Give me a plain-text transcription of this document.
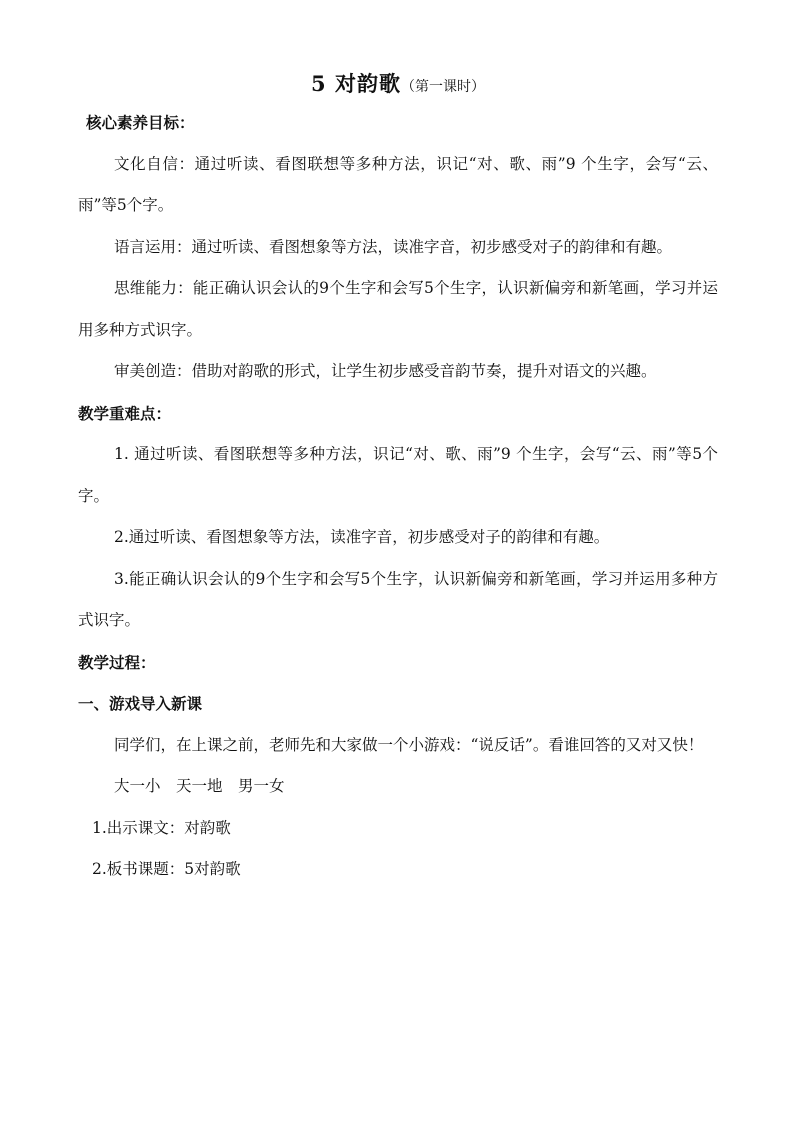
5 对韵歌（第一课时）
核心素养目标：

文化自信：通过听读、看图联想等多种方法，识记“对、歌、雨”9 个生字，会写“云、雨”等5个字。

语言运用：通过听读、看图想象等方法，读准字音，初步感受对子的韵律和有趣。

思维能力：能正确认识会认的9个生字和会写5个生字，认识新偏旁和新笔画，学习并运用多种方式识字。

审美创造：借助对韵歌的形式，让学生初步感受音韵节奏，提升对语文的兴趣。

教学重难点：

1. 通过听读、看图联想等多种方法，识记“对、歌、雨”9 个生字，会写“云、雨”等5个字。

2.通过听读、看图想象等方法，读准字音，初步感受对子的韵律和有趣。

3.能正确认识会认的9个生字和会写5个生字，认识新偏旁和新笔画，学习并运用多种方式识字。

教学过程：
一、游戏导入新课

同学们，在上课之前，老师先和大家做一个小游戏：“说反话”。看谁回答的又对又快！

大一小　天一地　男一女

1.出示课文：对韵歌

2.板书课题：5对韵歌
